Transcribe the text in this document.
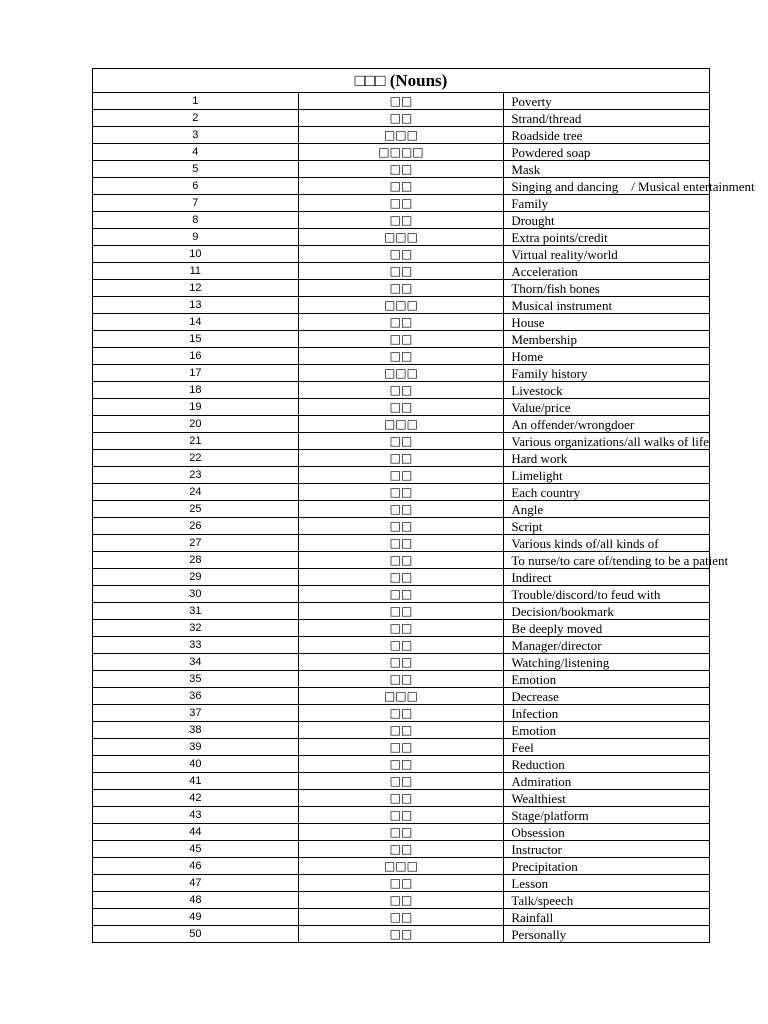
□□□ (Nouns)		
1	□□	Poverty
2	□□	Strand/thread
3	□□□	Roadside tree
4	□□□□	Powdered soap
5	□□	Mask
6	□□	Singing and dancing    / Musical entertainment
7	□□	Family
8	□□	Drought
9	□□□	Extra points/credit
10	□□	Virtual reality/world
11	□□	Acceleration
12	□□	Thorn/fish bones
13	□□□	Musical instrument
14	□□	House
15	□□	Membership
16	□□	Home
17	□□□	Family history
18	□□	Livestock
19	□□	Value/price
20	□□□	An offender/wrongdoer
21	□□	Various organizations/all walks of life
22	□□	Hard work
23	□□	Limelight
24	□□	Each country
25	□□	Angle
26	□□	Script
27	□□	Various kinds of/all kinds of
28	□□	To nurse/to care of/tending to be a patient
29	□□	Indirect
30	□□	Trouble/discord/to feud with
31	□□	Decision/bookmark
32	□□	Be deeply moved
33	□□	Manager/director
34	□□	Watching/listening
35	□□	Emotion
36	□□□	Decrease
37	□□	Infection
38	□□	Emotion
39	□□	Feel
40	□□	Reduction
41	□□	Admiration
42	□□	Wealthiest
43	□□	Stage/platform
44	□□	Obsession
45	□□	Instructor
46	□□□	Precipitation
47	□□	Lesson
48	□□	Talk/speech
49	□□	Rainfall
50	□□	Personally
